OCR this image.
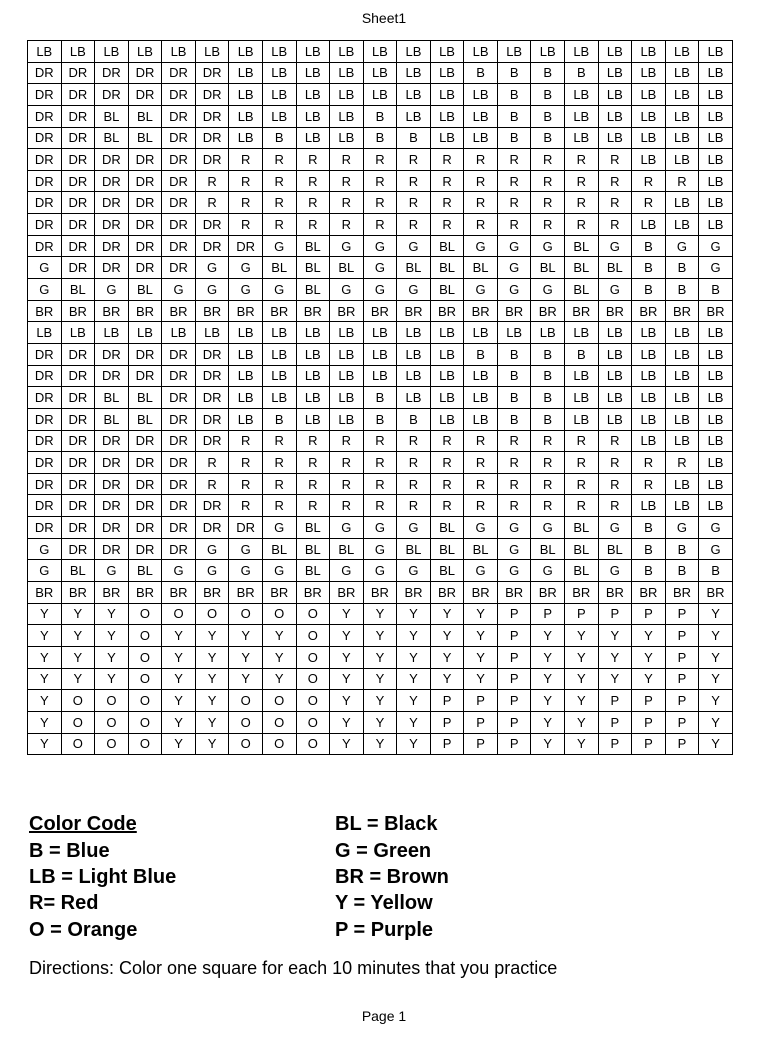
Sheet1
LB	LB	LB	LB	LB	LB	LB	LB	LB	LB	LB	LB	LB	LB	LB	LB	LB	LB	LB	LB	LB
DR	DR	DR	DR	DR	DR	LB	LB	LB	LB	LB	LB	LB	B	B	B	B	LB	LB	LB	LB
DR	DR	DR	DR	DR	DR	LB	LB	LB	LB	LB	LB	LB	LB	B	B	LB	LB	LB	LB	LB
DR	DR	BL	BL	DR	DR	LB	LB	LB	LB	B	LB	LB	LB	B	B	LB	LB	LB	LB	LB
DR	DR	BL	BL	DR	DR	LB	B	LB	LB	B	B	LB	LB	B	B	LB	LB	LB	LB	LB
DR	DR	DR	DR	DR	DR	R	R	R	R	R	R	R	R	R	R	R	R	LB	LB	LB
DR	DR	DR	DR	DR	R	R	R	R	R	R	R	R	R	R	R	R	R	R	R	LB
DR	DR	DR	DR	DR	R	R	R	R	R	R	R	R	R	R	R	R	R	R	LB	LB
DR	DR	DR	DR	DR	DR	R	R	R	R	R	R	R	R	R	R	R	R	LB	LB	LB
DR	DR	DR	DR	DR	DR	DR	G	BL	G	G	G	BL	G	G	G	BL	G	B	G	G
G	DR	DR	DR	DR	G	G	BL	BL	BL	G	BL	BL	BL	G	BL	BL	BL	B	B	G
G	BL	G	BL	G	G	G	G	BL	G	G	G	BL	G	G	G	BL	G	B	B	B
BR	BR	BR	BR	BR	BR	BR	BR	BR	BR	BR	BR	BR	BR	BR	BR	BR	BR	BR	BR	BR
LB	LB	LB	LB	LB	LB	LB	LB	LB	LB	LB	LB	LB	LB	LB	LB	LB	LB	LB	LB	LB
DR	DR	DR	DR	DR	DR	LB	LB	LB	LB	LB	LB	LB	B	B	B	B	LB	LB	LB	LB
DR	DR	DR	DR	DR	DR	LB	LB	LB	LB	LB	LB	LB	LB	B	B	LB	LB	LB	LB	LB
DR	DR	BL	BL	DR	DR	LB	LB	LB	LB	B	LB	LB	LB	B	B	LB	LB	LB	LB	LB
DR	DR	BL	BL	DR	DR	LB	B	LB	LB	B	B	LB	LB	B	B	LB	LB	LB	LB	LB
DR	DR	DR	DR	DR	DR	R	R	R	R	R	R	R	R	R	R	R	R	LB	LB	LB
DR	DR	DR	DR	DR	R	R	R	R	R	R	R	R	R	R	R	R	R	R	R	LB
DR	DR	DR	DR	DR	R	R	R	R	R	R	R	R	R	R	R	R	R	R	LB	LB
DR	DR	DR	DR	DR	DR	R	R	R	R	R	R	R	R	R	R	R	R	LB	LB	LB
DR	DR	DR	DR	DR	DR	DR	G	BL	G	G	G	BL	G	G	G	BL	G	B	G	G
G	DR	DR	DR	DR	G	G	BL	BL	BL	G	BL	BL	BL	G	BL	BL	BL	B	B	G
G	BL	G	BL	G	G	G	G	BL	G	G	G	BL	G	G	G	BL	G	B	B	B
BR	BR	BR	BR	BR	BR	BR	BR	BR	BR	BR	BR	BR	BR	BR	BR	BR	BR	BR	BR	BR
Y	Y	Y	O	O	O	O	O	O	Y	Y	Y	Y	Y	P	P	P	P	P	P	Y
Y	Y	Y	O	Y	Y	Y	Y	O	Y	Y	Y	Y	Y	P	Y	Y	Y	Y	P	Y
Y	Y	Y	O	Y	Y	Y	Y	O	Y	Y	Y	Y	Y	P	Y	Y	Y	Y	P	Y
Y	Y	Y	O	Y	Y	Y	Y	O	Y	Y	Y	Y	Y	P	Y	Y	Y	Y	P	Y
Y	O	O	O	Y	Y	O	O	O	Y	Y	Y	P	P	P	Y	Y	P	P	P	Y
Y	O	O	O	Y	Y	O	O	O	Y	Y	Y	P	P	P	Y	Y	P	P	P	Y
Y	O	O	O	Y	Y	O	O	O	Y	Y	Y	P	P	P	Y	Y	P	P	P	Y
Color Code
B = Blue
LB = Light Blue
R= Red
O = Orange
BL = Black
G = Green
BR = Brown
Y = Yellow
P = Purple
Directions: Color one square for each 10 minutes that you practice
Page 1
